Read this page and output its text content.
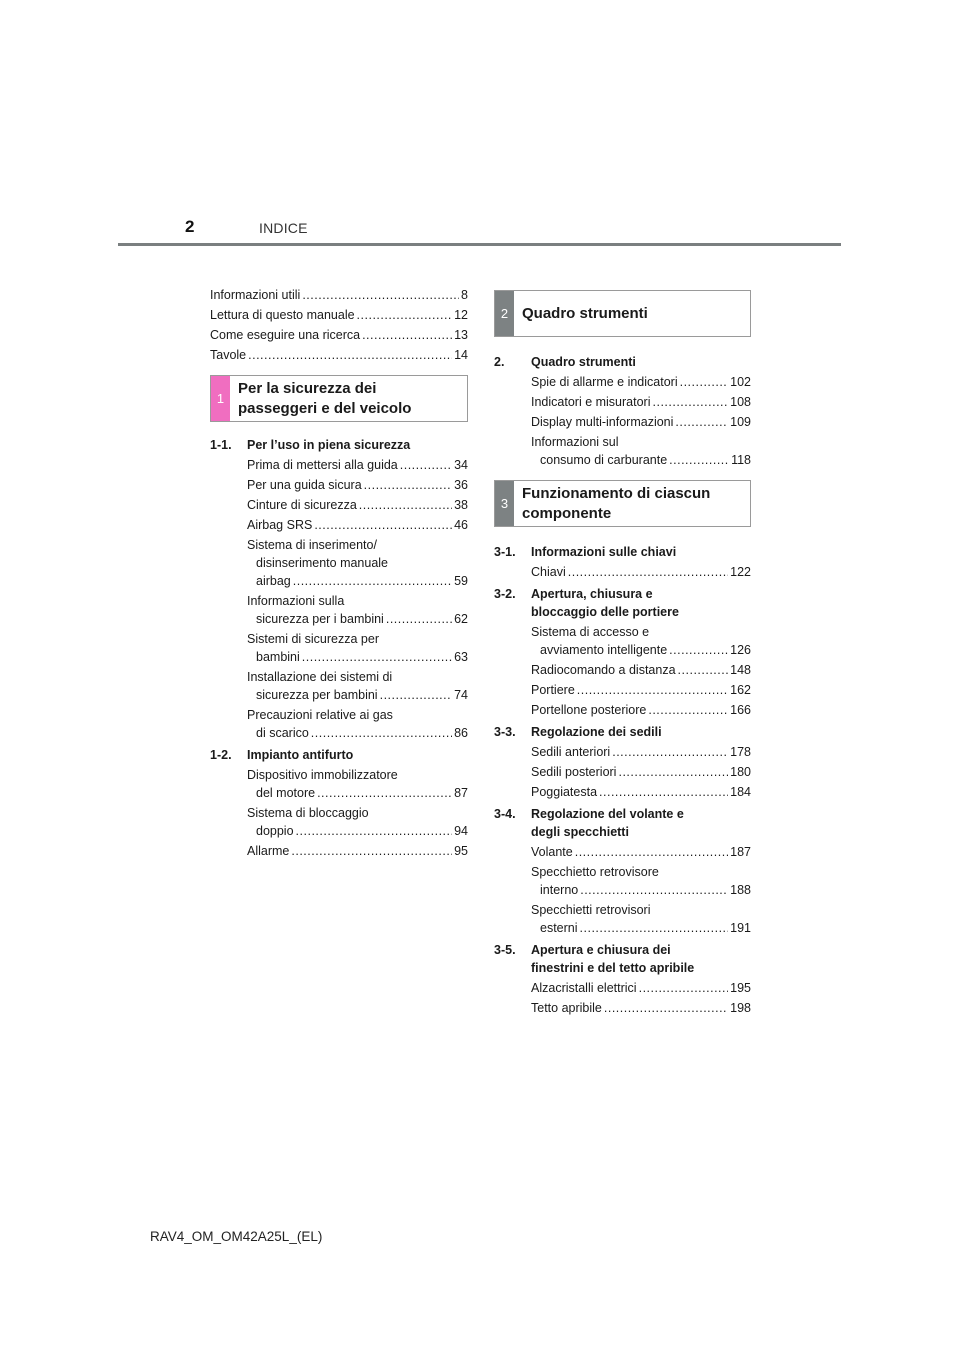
2	INDICE
Informazioni utili .....	8
Lettura di questo manuale .....	12
Come eseguire una ricerca .....	13
Tavole .....	14
1
Per la sicurezza dei
passeggeri e del veicolo
1-1. Per l’uso in piena sicurezza
Prima di mettersi alla guida .....	34
Per una guida sicura .....	36
Cinture di sicurezza .....	38
Airbag SRS .....	46
Sistema di inserimento/
disinserimento manuale
airbag .....	59
Informazioni sulla
sicurezza per i bambini .....	62
Sistemi di sicurezza per
bambini .....	63
Installazione dei sistemi di
sicurezza per bambini .....	74
Precauzioni relative ai gas
di scarico .....	86
1-2. Impianto antifurto
Dispositivo immobilizzatore
del motore .....	87
Sistema di bloccaggio
doppio .....	94
Allarme .....	95
2 Quadro strumenti
2. Quadro strumenti
Spie di allarme e indicatori .....	102
Indicatori e misuratori .....	108
Display multi-informazioni .....	109
Informazioni sul
consumo di carburante .....	118
3
Funzionamento di ciascun
componente
3-1. Informazioni sulle chiavi
Chiavi .....	122
3-2. Apertura, chiusura e
bloccaggio delle portiere
Sistema di accesso e
avviamento intelligente .....	126
Radiocomando a distanza .....	148
Portiere .....	162
Portellone posteriore .....	166
3-3. Regolazione dei sedili
Sedili anteriori .....	178
Sedili posteriori .....	180
Poggiatesta .....	184
3-4. Regolazione del volante e
degli specchietti
Volante .....	187
Specchietto retrovisore
interno .....	188
Specchietti retrovisori
esterni .....	191
3-5. Apertura e chiusura dei
finestrini e del tetto apribile
Alzacristalli elettrici .....	195
Tetto apribile .....	198
RAV4_OM_OM42A25L_(EL)
